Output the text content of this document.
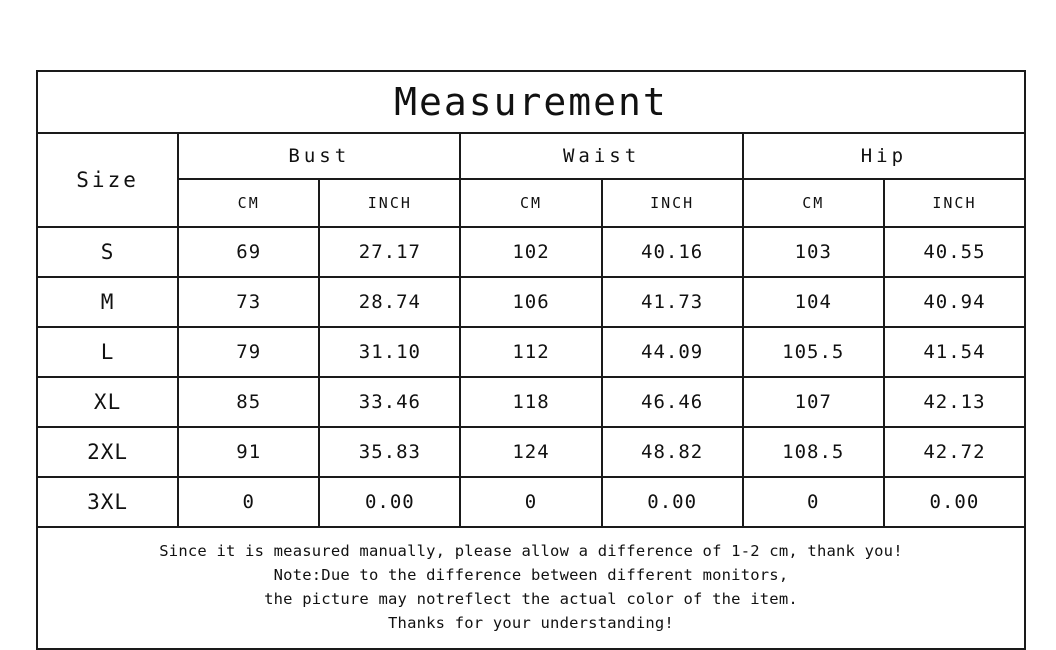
Measurement						
Size	Bust		Waist		Hip	
	CM	INCH	CM	INCH	CM	INCH
S	69	27.17	102	40.16	103	40.55
M	73	28.74	106	41.73	104	40.94
L	79	31.10	112	44.09	105.5	41.54
XL	85	33.46	118	46.46	107	42.13
2XL	91	35.83	124	48.82	108.5	42.72
3XL	0	0.00	0	0.00	0	0.00

Since it is measured manually, please allow a difference of 1-2 cm, thank you!
Note:Due to the difference between different monitors,
the picture may notreflect the actual color of the item.
Thanks for your understanding!						
